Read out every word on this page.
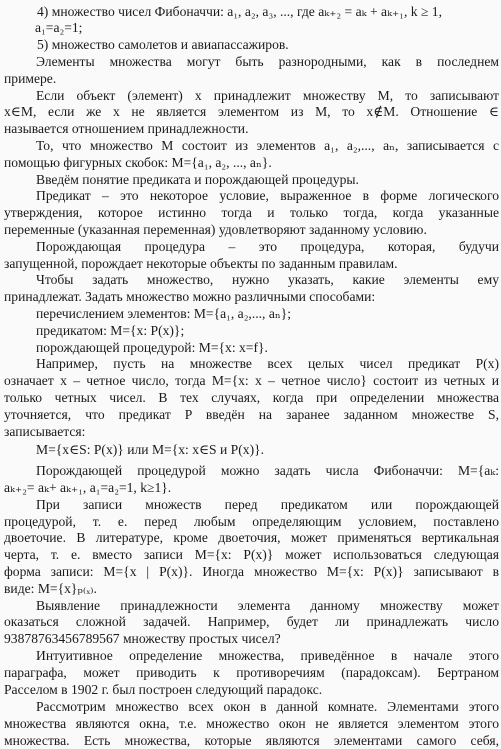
4) множество чисел Фибоначчи: a₁, a₂, a₃, ..., где aₖ₊₂ = aₖ + aₖ₊₁, k ≥ 1,
a₁=a₂=1;
5) множество самолетов и авиапассажиров.
Элементы множества могут быть разнородными, как в последнем
примере.
Если объект (элемент) x принадлежит множеству M, то записывают
x∈M, если же x не является элементом из M, то x∉M. Отношение ∈
называется отношением принадлежности.
То, что множество M состоит из элементов a₁, a₂,..., aₙ, записывается с
помощью фигурных скобок: M={a₁, a₂, ..., aₙ}.
Введём понятие предиката и порождающей процедуры.
Предикат – это некоторое условие, выраженное в форме логического
утверждения, которое истинно тогда и только тогда, когда указанные
переменные (указанная переменная) удовлетворяют заданному условию.
Порождающая процедура – это процедура, которая, будучи
запущенной, порождает некоторые объекты по заданным правилам.
Чтобы задать множество, нужно указать, какие элементы ему
принадлежат. Задать множество можно различными способами:
перечислением элементов: M={a₁, a₂,..., aₙ};
предикатом: M={x: P(x)};
порождающей процедурой: M={x: x=f}.
Например, пусть на множестве всех целых чисел предикат P(x)
означает x – четное число, тогда M={x: x – четное число} состоит из четных и
только четных чисел. В тех случаях, когда при определении множества
уточняется, что предикат P введён на заранее заданном множестве S,
записывается:
M={x∈S: P(x)} или M={x: x∈S и P(x)}.
Порождающей процедурой можно задать числа Фибоначчи: M={aₖ:
aₖ₊₂= aₖ+ aₖ₊₁, a₁=a₂=1, k≥1}.
При записи множеств перед предикатом или порождающей
процедурой, т. е. перед любым определяющим условием, поставлено
двоеточие. В литературе, кроме двоеточия, может применяться вертикальная
черта, т. е. вместо записи M={x: P(x)} может использоваться следующая
форма записи: M={x | P(x)}. Иногда множество M={x: P(x)} записывают в
виде: M={x}ₚ₍ₓ₎.
Выявление принадлежности элемента данному множеству может
оказаться сложной задачей. Например, будет ли принадлежать число
93878763456789567 множеству простых чисел?
Интуитивное определение множества, приведённое в начале этого
параграфа, может приводить к противоречиям (парадоксам). Бертраном
Расселом в 1902 г. был построен следующий парадокс.
Рассмотрим множество всех окон в данной комнате. Элементами этого
множества являются окна, т.е. множество окон не является элементом этого
множества. Есть множества, которые являются элементами самого себя,
